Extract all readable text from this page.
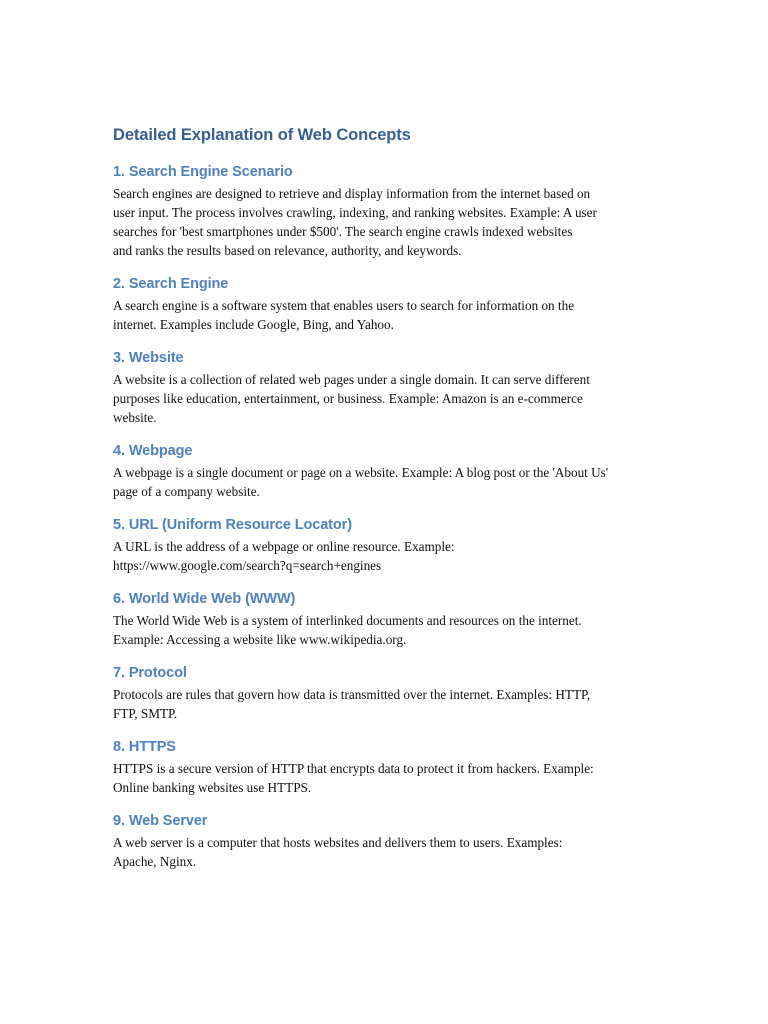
Detailed Explanation of Web Concepts
1. Search Engine Scenario
Search engines are designed to retrieve and display information from the internet based on
user input. The process involves crawling, indexing, and ranking websites. Example: A user
searches for 'best smartphones under $500'. The search engine crawls indexed websites
and ranks the results based on relevance, authority, and keywords.
2. Search Engine
A search engine is a software system that enables users to search for information on the
internet. Examples include Google, Bing, and Yahoo.
3. Website
A website is a collection of related web pages under a single domain. It can serve different
purposes like education, entertainment, or business. Example: Amazon is an e-commerce
website.
4. Webpage
A webpage is a single document or page on a website. Example: A blog post or the 'About Us'
page of a company website.
5. URL (Uniform Resource Locator)
A URL is the address of a webpage or online resource. Example:
https://www.google.com/search?q=search+engines
6. World Wide Web (WWW)
The World Wide Web is a system of interlinked documents and resources on the internet.
Example: Accessing a website like www.wikipedia.org.
7. Protocol
Protocols are rules that govern how data is transmitted over the internet. Examples: HTTP,
FTP, SMTP.
8. HTTPS
HTTPS is a secure version of HTTP that encrypts data to protect it from hackers. Example:
Online banking websites use HTTPS.
9. Web Server
A web server is a computer that hosts websites and delivers them to users. Examples:
Apache, Nginx.
